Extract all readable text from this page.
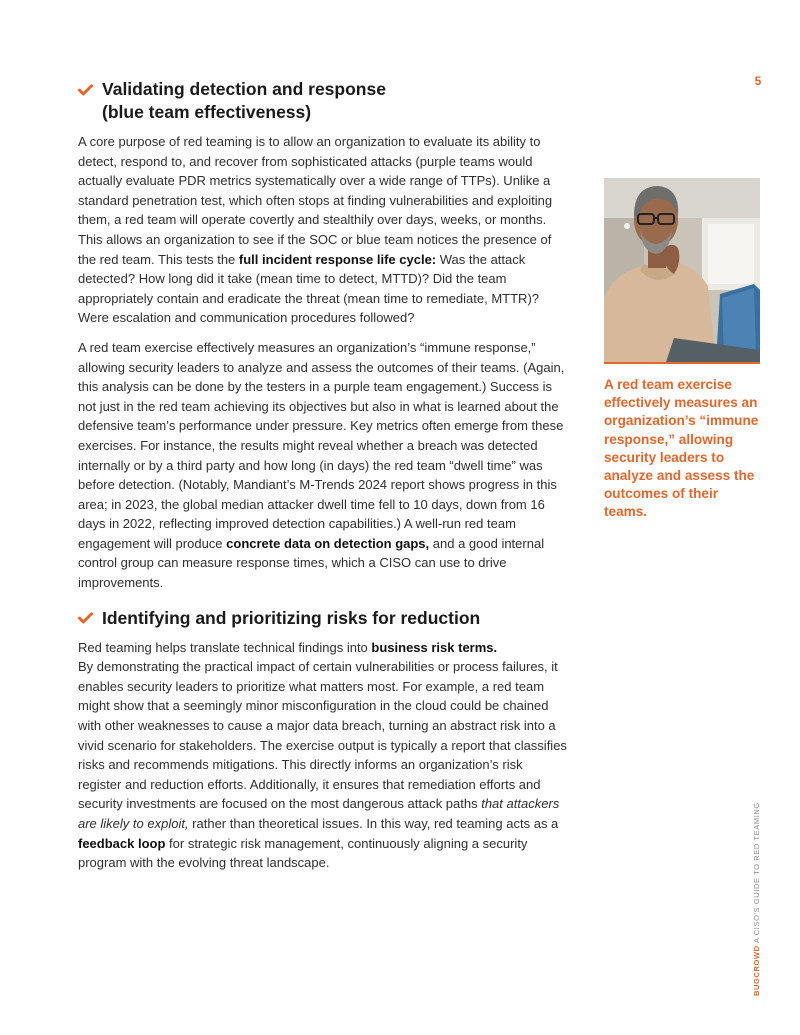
5
Validating detection and response
(blue team effectiveness)

A core purpose of red teaming is to allow an organization to evaluate its ability to detect, respond to, and recover from sophisticated attacks (purple teams would actually evaluate PDR metrics systematically over a wide range of TTPs). Unlike a standard penetration test, which often stops at finding vulnerabilities and exploiting them, a red team will operate covertly and stealthily over days, weeks, or months. This allows an organization to see if the SOC or blue team notices the presence of the red team. This tests the full incident response life cycle: Was the attack detected? How long did it take (mean time to detect, MTTD)? Did the team appropriately contain and eradicate the threat (mean time to remediate, MTTR)? Were escalation and communication procedures followed?

A red team exercise effectively measures an organization’s “immune response,” allowing security leaders to analyze and assess the outcomes of their teams. (Again, this analysis can be done by the testers in a purple team engagement.) Success is not just in the red team achieving its objectives but also in what is learned about the defensive team’s performance under pressure. Key metrics often emerge from these exercises. For instance, the results might reveal whether a breach was detected internally or by a third party and how long (in days) the red team “dwell time” was before detection. (Notably, Mandiant’s M-Trends 2024 report shows progress in this area; in 2023, the global median attacker dwell time fell to 10 days, down from 16 days in 2022, reflecting improved detection capabilities.) A well-run red team engagement will produce concrete data on detection gaps, and a good internal control group can measure response times, which a CISO can use to drive improvements.

Identifying and prioritizing risks for reduction

Red teaming helps translate technical findings into business risk terms.
By demonstrating the practical impact of certain vulnerabilities or process failures, it enables security leaders to prioritize what matters most. For example, a red team might show that a seemingly minor misconfiguration in the cloud could be chained with other weaknesses to cause a major data breach, turning an abstract risk into a vivid scenario for stakeholders. The exercise output is typically a report that classifies risks and recommends mitigations. This directly informs an organization’s risk register and reduction efforts. Additionally, it ensures that remediation efforts and security investments are focused on the most dangerous attack paths that attackers are likely to exploit, rather than theoretical issues. In this way, red teaming acts as a feedback loop for strategic risk management, continuously aligning a security program with the evolving threat landscape.

A red team exercise effectively measures an organization’s “immune response,” allowing security leaders to analyze and assess the outcomes of their teams.
BUGCROWD A CISO'S GUIDE TO RED TEAMING
